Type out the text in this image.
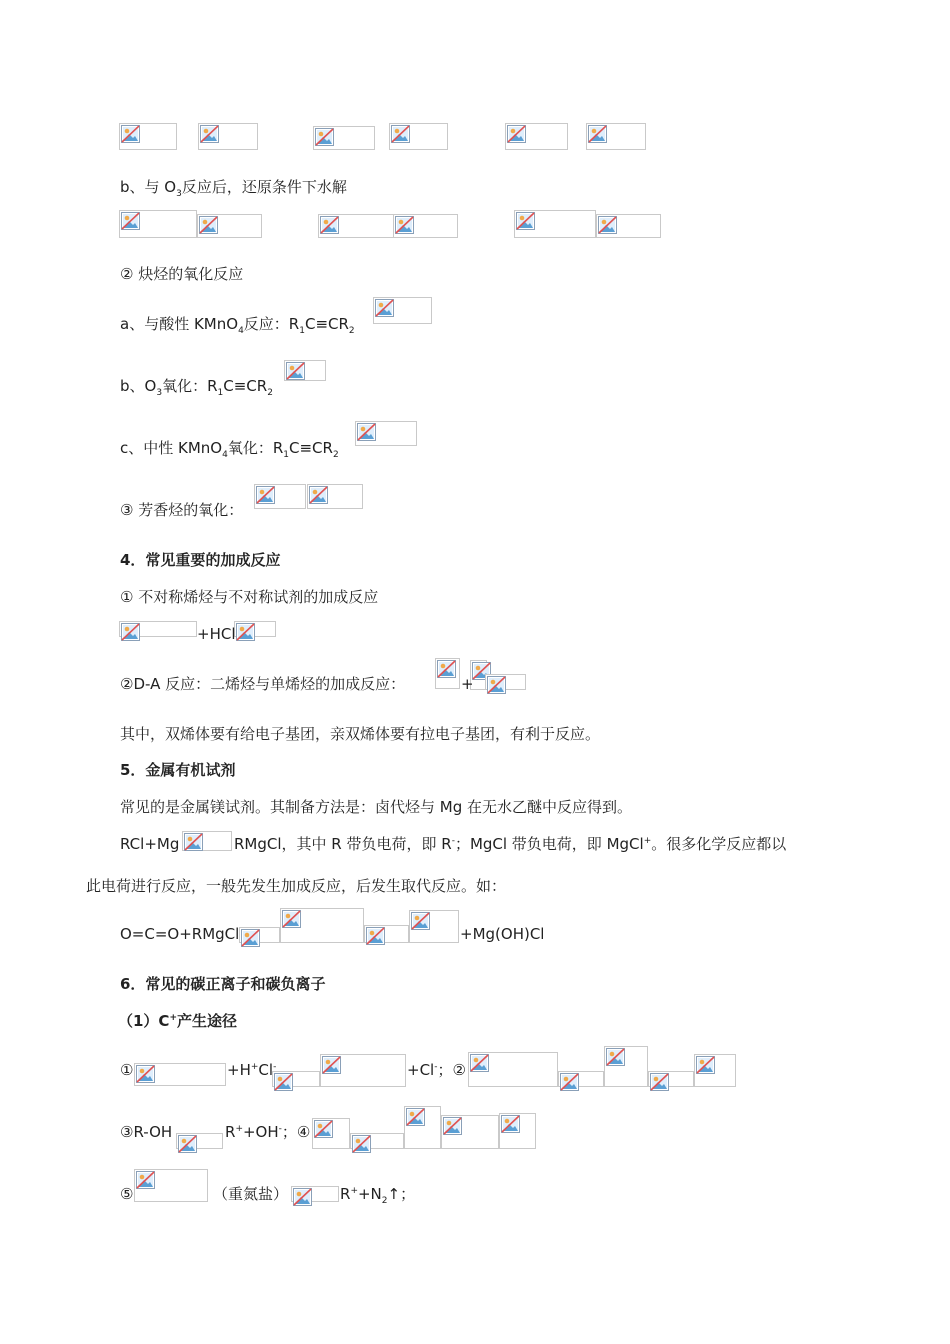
b、与 $O_3$反应后，还原条件下水解
② 炔烃的氧化反应
a、与酸性 KMnO$_4$反应：$R_1C\equiv CR_2$
b、$O_3$氧化：$R_1C\equiv CR_2$
c、中性 KMnO$_4$氧化：$R_1C\equiv CR_2$
③ 芳香烃的氧化：
4．常见重要的加成反应
① 不对称烯烃与不对称试剂的加成反应
+HCl
②D-A 反应：二烯烃与单烯烃的加成反应：	+
其中，双烯体要有给电子基团，亲双烯体要有拉电子基团，有利于反应。
5．金属有机试剂
常见的是金属镁试剂。其制备方法是：卤代烃与 Mg 在无水乙醚中反应得到。
RCl+Mg	RMgCl，其中 R 带负电荷，即 R-；MgCl 带负电荷，即 MgCl+。很多化学反应都以
此电荷进行反应，一般先发生加成反应，后发生取代反应。如：
O=C=O+RMgCl	+Mg(OH)Cl
6．常见的碳正离子和碳负离子
（1）C+产生途径
①	+H+Cl-	+Cl-；②
③R-OH	R++OH-；④
⑤	（重氮盐）	$R^++N_2↑$；
